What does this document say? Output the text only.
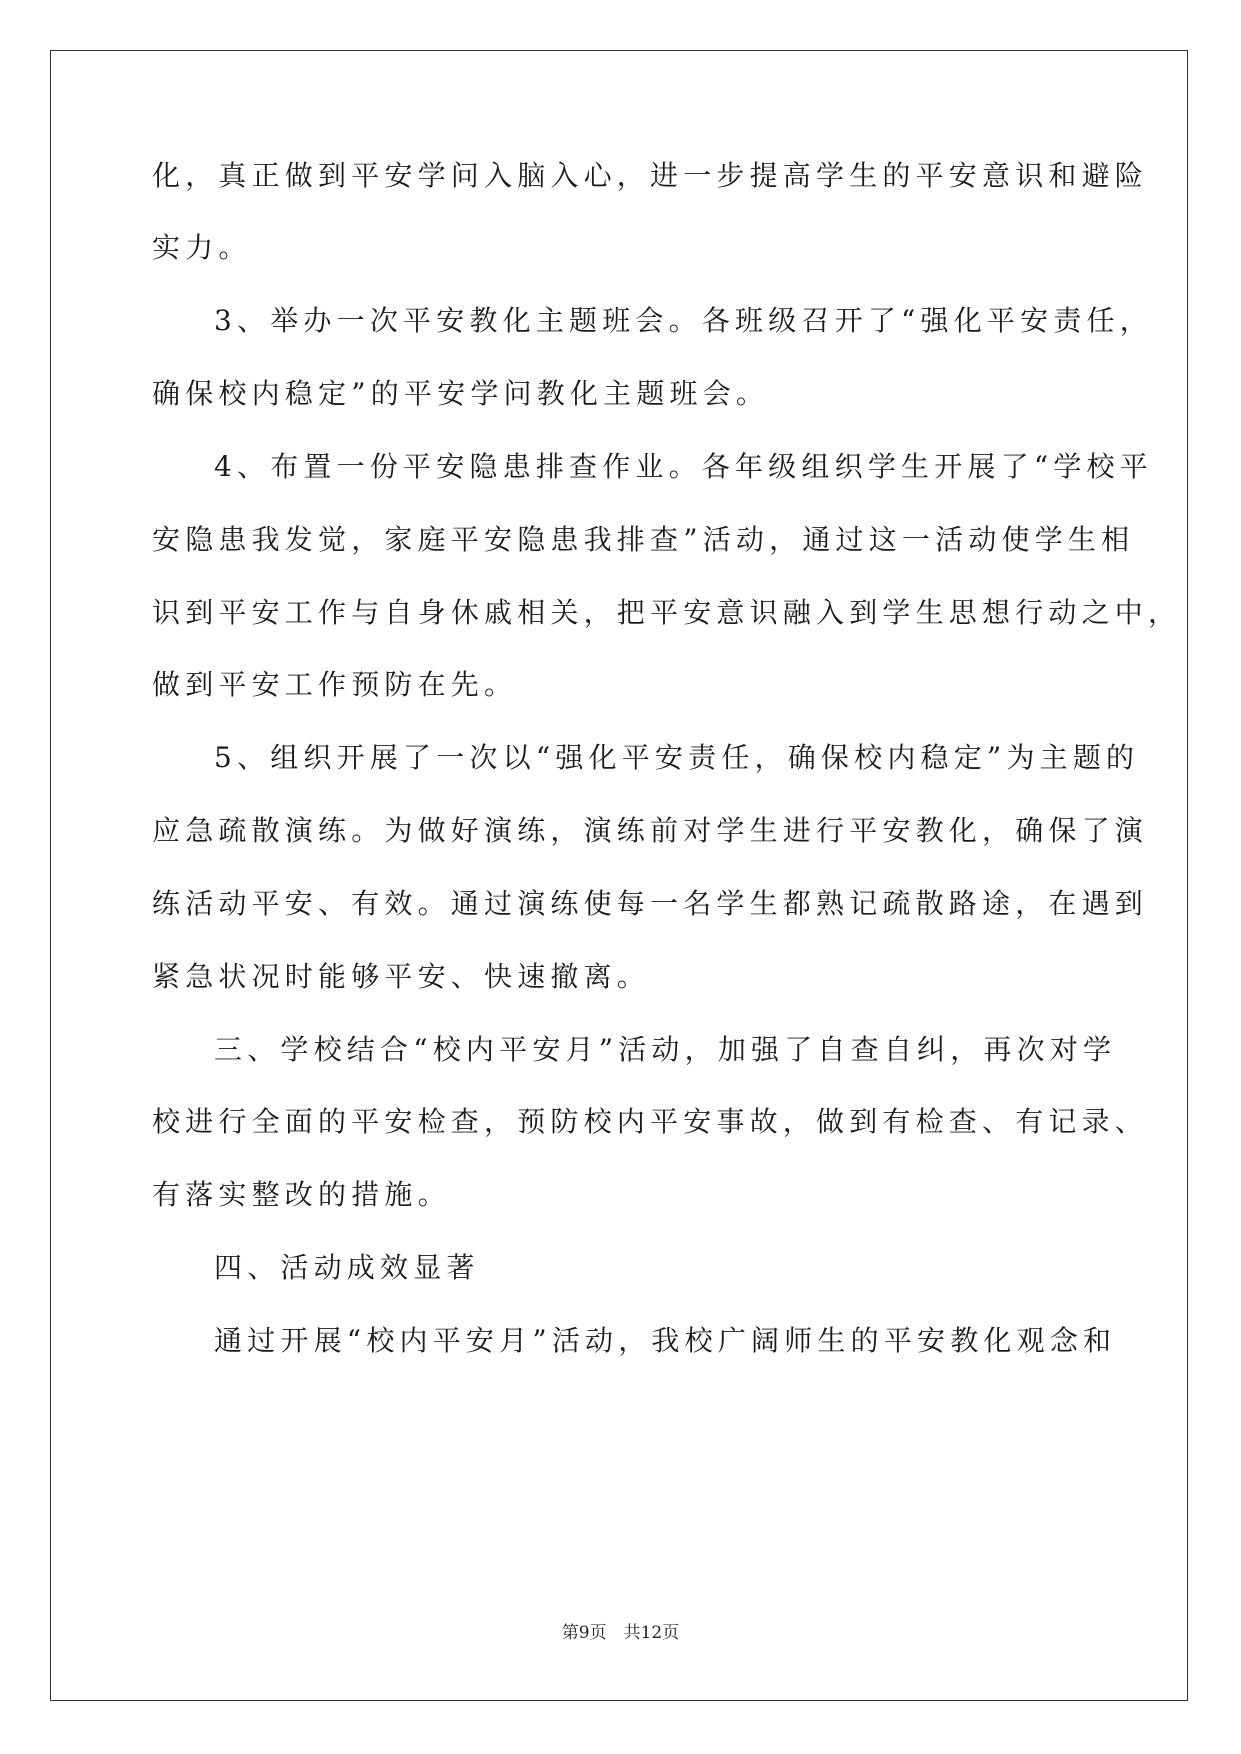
化，真正做到平安学问入脑入心，进一步提高学生的平安意识和避险
实力。
3、举办一次平安教化主题班会。各班级召开了“强化平安责任，
确保校内稳定”的平安学问教化主题班会。
4、布置一份平安隐患排查作业。各年级组织学生开展了“学校平
安隐患我发觉，家庭平安隐患我排查”活动，通过这一活动使学生相
识到平安工作与自身休戚相关，把平安意识融入到学生思想行动之中，
做到平安工作预防在先。
5、组织开展了一次以“强化平安责任，确保校内稳定”为主题的
应急疏散演练。为做好演练，演练前对学生进行平安教化，确保了演
练活动平安、有效。通过演练使每一名学生都熟记疏散路途，在遇到
紧急状况时能够平安、快速撤离。
三、学校结合“校内平安月”活动，加强了自查自纠，再次对学
校进行全面的平安检查，预防校内平安事故，做到有检查、有记录、
有落实整改的措施。
四、活动成效显著
通过开展“校内平安月”活动，我校广阔师生的平安教化观念和
第9页　共12页
